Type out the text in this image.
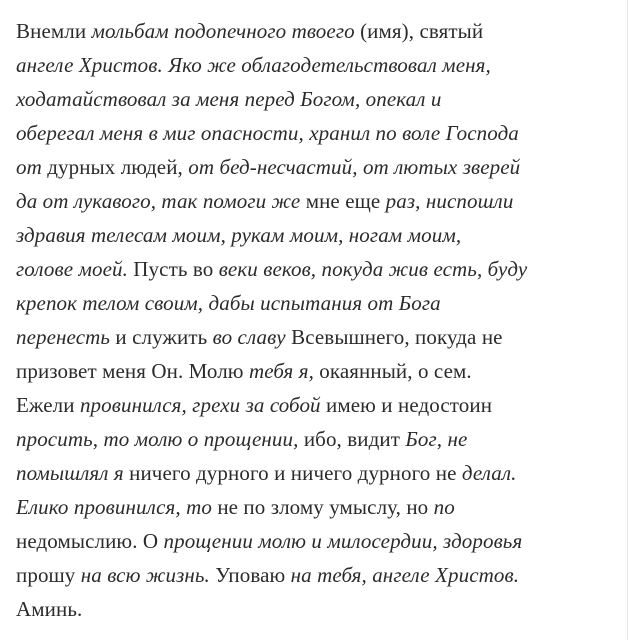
Внемли мольбам подопечного твоего (имя), святый
ангеле Христов. Яко же облагодетельствовал меня,
ходатайствовал за меня перед Богом, опекал и
оберегал меня в миг опасности, хранил по воле Господа
от дурных людей, от бед-несчастий, от лютых зверей
да от лукавого, так помоги же мне еще раз, ниспошли
здравия телесам моим, рукам моим, ногам моим,
голове моей. Пусть во веки веков, покуда жив есть, буду
крепок телом своим, дабы испытания от Бога
перенесть и служить во славу Всевышнего, покуда не
призовет меня Он. Молю тебя я, окаянный, о сем.
Ежели провинился, грехи за собой имею и недостоин
просить, то молю о прощении, ибо, видит Бог, не
помышлял я ничего дурного и ничего дурного не делал.
Елико провинился, то не по злому умыслу, но по
недомыслию. О прощении молю и милосердии, здоровья
прошу на всю жизнь. Уповаю на тебя, ангеле Христов.
Аминь.
